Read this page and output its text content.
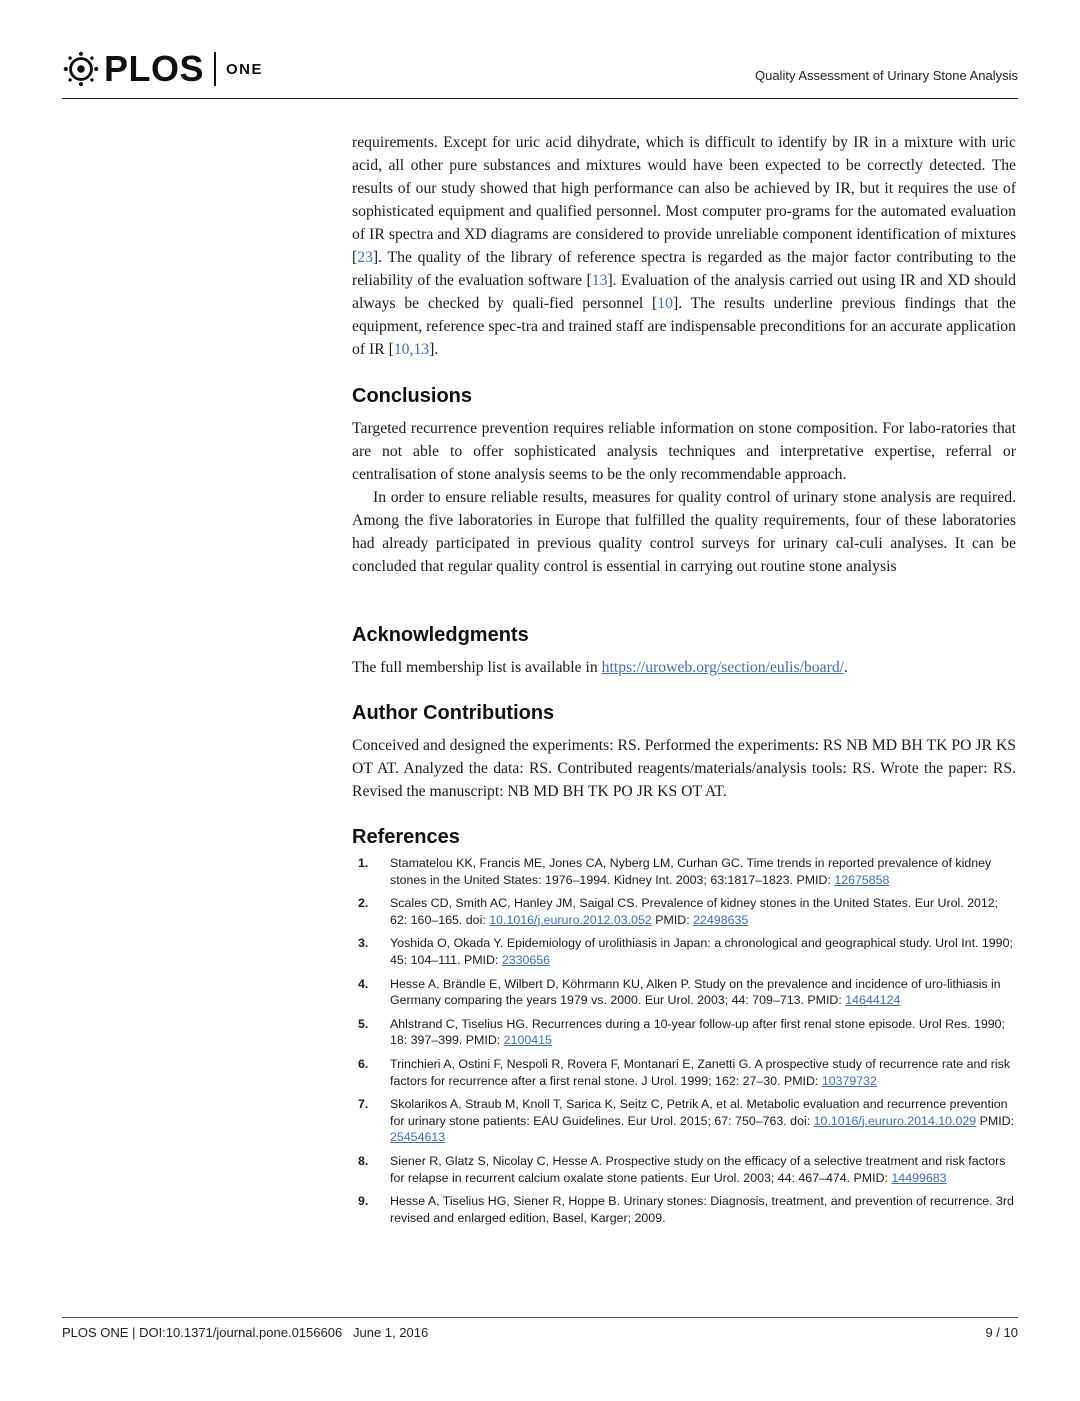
PLOS ONE	Quality Assessment of Urinary Stone Analysis

requirements. Except for uric acid dihydrate, which is difficult to identify by IR in a mixture with uric acid, all other pure substances and mixtures would have been expected to be correctly detected. The results of our study showed that high performance can also be achieved by IR, but it requires the use of sophisticated equipment and qualified personnel. Most computer pro-grams for the automated evaluation of IR spectra and XD diagrams are considered to provide unreliable component identification of mixtures [23]. The quality of the library of reference spectra is regarded as the major factor contributing to the reliability of the evaluation software [13]. Evaluation of the analysis carried out using IR and XD should always be checked by quali-fied personnel [10]. The results underline previous findings that the equipment, reference spec-tra and trained staff are indispensable preconditions for an accurate application of IR [10,13].

Conclusions

Targeted recurrence prevention requires reliable information on stone composition. For labo-ratories that are not able to offer sophisticated analysis techniques and interpretative expertise, referral or centralisation of stone analysis seems to be the only recommendable approach.

In order to ensure reliable results, measures for quality control of urinary stone analysis are required. Among the five laboratories in Europe that fulfilled the quality requirements, four of these laboratories had already participated in previous quality control surveys for urinary cal-culi analyses. It can be concluded that regular quality control is essential in carrying out routine stone analysis

Acknowledgments

The full membership list is available in https://uroweb.org/section/eulis/board/.

Author Contributions

Conceived and designed the experiments: RS. Performed the experiments: RS NB MD BH TK PO JR KS OT AT. Analyzed the data: RS. Contributed reagents/materials/analysis tools: RS. Wrote the paper: RS. Revised the manuscript: NB MD BH TK PO JR KS OT AT.

References
1.	Stamatelou KK, Francis ME, Jones CA, Nyberg LM, Curhan GC. Time trends in reported prevalence of kidney stones in the United States: 1976–1994. Kidney Int. 2003; 63:1817–1823. PMID: 12675858
2.	Scales CD, Smith AC, Hanley JM, Saigal CS. Prevalence of kidney stones in the United States. Eur Urol. 2012; 62: 160–165. doi: 10.1016/j.eururo.2012.03.052 PMID: 22498635
3.	Yoshida O, Okada Y. Epidemiology of urolithiasis in Japan: a chronological and geographical study. Urol Int. 1990; 45: 104–111. PMID: 2330656
4.	Hesse A, Brändle E, Wilbert D, Köhrmann KU, Alken P. Study on the prevalence and incidence of uro-lithiasis in Germany comparing the years 1979 vs. 2000. Eur Urol. 2003; 44: 709–713. PMID: 14644124
5.	Ahlstrand C, Tiselius HG. Recurrences during a 10-year follow-up after first renal stone episode. Urol Res. 1990; 18: 397–399. PMID: 2100415
6.	Trinchieri A, Ostini F, Nespoli R, Rovera F, Montanari E, Zanetti G. A prospective study of recurrence rate and risk factors for recurrence after a first renal stone. J Urol. 1999; 162: 27–30. PMID: 10379732
7.	Skolarikos A, Straub M, Knoll T, Sarica K, Seitz C, Petrik A, et al. Metabolic evaluation and recurrence prevention for urinary stone patients: EAU Guidelines. Eur Urol. 2015; 67: 750–763. doi: 10.1016/j.eururo.2014.10.029 PMID: 25454613
8.	Siener R, Glatz S, Nicolay C, Hesse A. Prospective study on the efficacy of a selective treatment and risk factors for relapse in recurrent calcium oxalate stone patients. Eur Urol. 2003; 44: 467–474. PMID: 14499683
9.	Hesse A, Tiselius HG, Siener R, Hoppe B. Urinary stones: Diagnosis, treatment, and prevention of recurrence. 3rd revised and enlarged edition, Basel, Karger; 2009.
PLOS ONE | DOI:10.1371/journal.pone.0156606   June 1, 2016	9 / 10
